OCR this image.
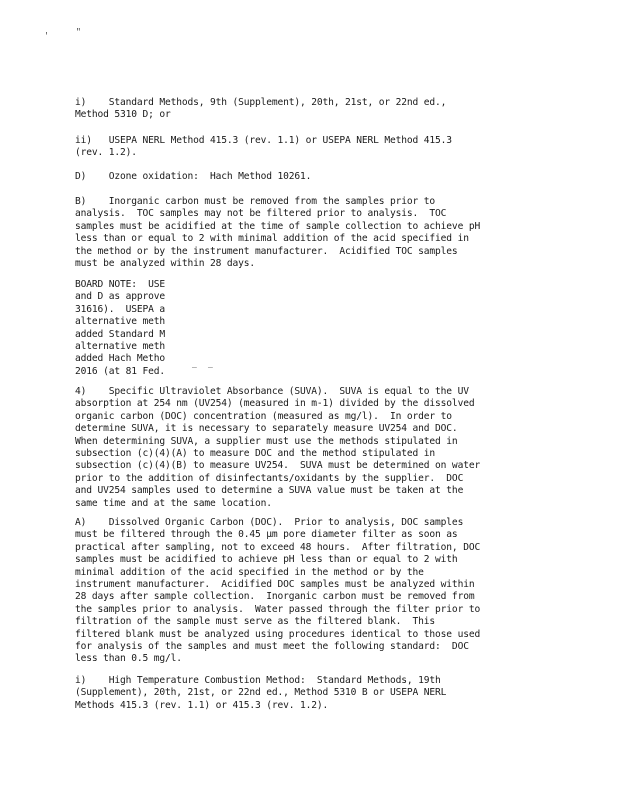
'	"
i)    Standard Methods, 9th (Supplement), 20th, 21st, or 22nd ed.,
Method 5310 D; or
ii)   USEPA NERL Method 415.3 (rev. 1.1) or USEPA NERL Method 415.3
(rev. 1.2).
D)    Ozone oxidation:  Hach Method 10261.
B)    Inorganic carbon must be removed from the samples prior to
analysis.  TOC samples may not be filtered prior to analysis.  TOC
samples must be acidified at the time of sample collection to achieve pH
less than or equal to 2 with minimal addition of the acid specified in
the method or by the instrument manufacturer.  Acidified TOC samples
must be analyzed within 28 days.
BOARD NOTE:  USE
and D as approve
31616).  USEPA a
alternative meth
added Standard M
alternative meth
added Hach Metho
2016 (at 81 Fed.
_ _
4)    Specific Ultraviolet Absorbance (SUVA).  SUVA is equal to the UV
absorption at 254 nm (UV254) (measured in m-1) divided by the dissolved
organic carbon (DOC) concentration (measured as mg/l).  In order to
determine SUVA, it is necessary to separately measure UV254 and DOC.
When determining SUVA, a supplier must use the methods stipulated in
subsection (c)(4)(A) to measure DOC and the method stipulated in
subsection (c)(4)(B) to measure UV254.  SUVA must be determined on water
prior to the addition of disinfectants/oxidants by the supplier.  DOC
and UV254 samples used to determine a SUVA value must be taken at the
same time and at the same location.
A)    Dissolved Organic Carbon (DOC).  Prior to analysis, DOC samples
must be filtered through the 0.45 µm pore diameter filter as soon as
practical after sampling, not to exceed 48 hours.  After filtration, DOC
samples must be acidified to achieve pH less than or equal to 2 with
minimal addition of the acid specified in the method or by the
instrument manufacturer.  Acidified DOC samples must be analyzed within
28 days after sample collection.  Inorganic carbon must be removed from
the samples prior to analysis.  Water passed through the filter prior to
filtration of the sample must serve as the filtered blank.  This
filtered blank must be analyzed using procedures identical to those used
for analysis of the samples and must meet the following standard:  DOC
less than 0.5 mg/l.
i)    High Temperature Combustion Method:  Standard Methods, 19th
(Supplement), 20th, 21st, or 22nd ed., Method 5310 B or USEPA NERL
Methods 415.3 (rev. 1.1) or 415.3 (rev. 1.2).
